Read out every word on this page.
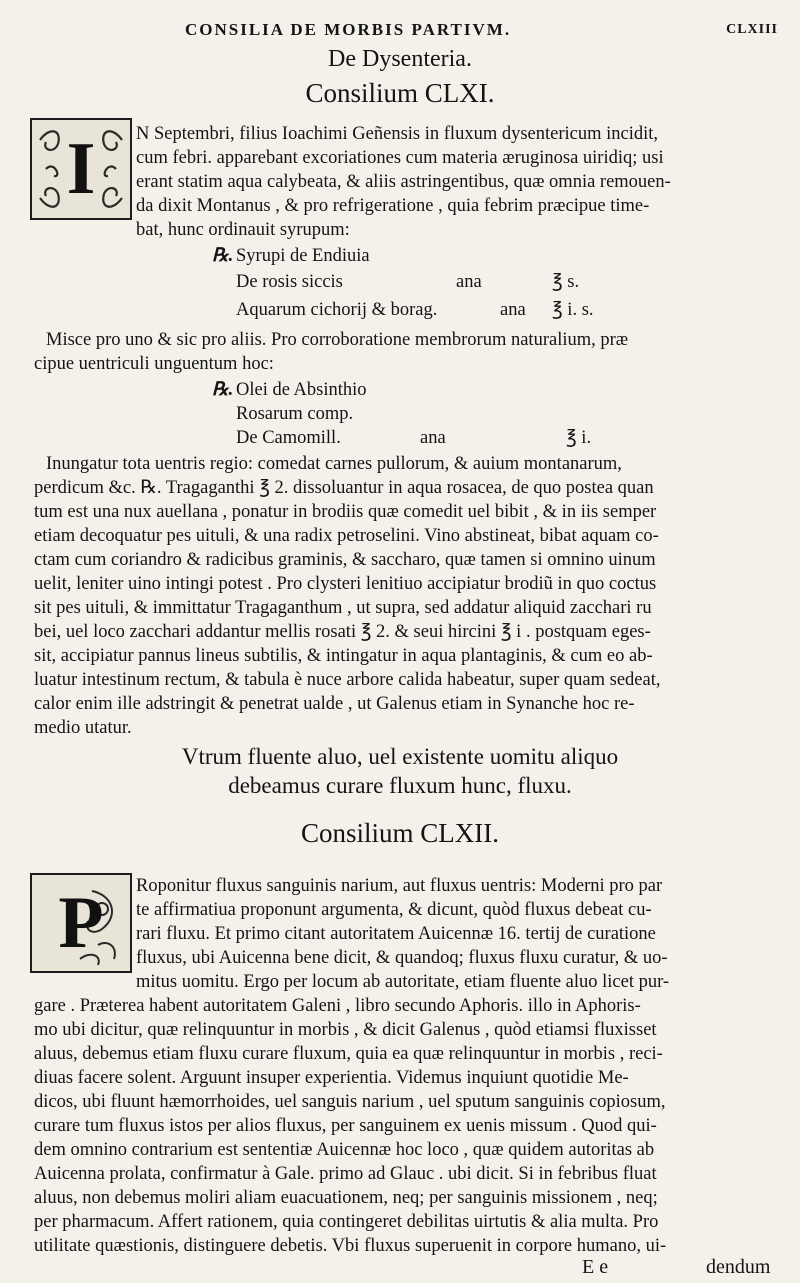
CONSILIA DE MORBIS PARTIVM.	CLXIII
De Dysenteria.
Consilium CLXI.
I N Septembri, filius Ioachimi Geñensis in fluxum dysentericum incidit,
cum febri. apparebant excoriationes cum materia æruginosa uiridiq; usi
erant statim aqua calybeata, & aliis astringentibus, quæ omnia remouen-
da dixit Montanus , & pro refrigeratione , quia febrim præcipue time-
bat, hunc ordinauit syrupum:
℞. Syrupi de Endiuia
De rosis siccis	ana	℥ s.
Aquarum cichorij & borag.	ana ℥ i. s.
Misce pro uno & sic pro aliis. Pro corroboratione membrorum naturalium, præ
cipue uentriculi unguentum hoc:
℞. Olei de Absinthio
Rosarum comp.
De Camomill.	ana	℥ i.
Inungatur tota uentris regio: comedat carnes pullorum, & auium montanarum,
perdicum &c. ℞. Tragaganthi ℥ 2. dissoluantur in aqua rosacea, de quo postea quan
tum est una nux auellana , ponatur in brodiis quæ comedit uel bibit , & in iis semper
etiam decoquatur pes uituli, & una radix petroselini. Vino abstineat, bibat aquam co-
ctam cum coriandro & radicibus graminis, & saccharo, quæ tamen si omnino uinum
uelit, leniter uino intingi potest . Pro clysteri lenitiuo accipiatur brodiũ in quo coctus
sit pes uituli, & immittatur Tragaganthum , ut supra, sed addatur aliquid zacchari ru
bei, uel loco zacchari addantur mellis rosati ℥ 2. & seui hircini ℥ i . postquam eges-
sit, accipiatur pannus lineus subtilis, & intingatur in aqua plantaginis, & cum eo ab-
luatur intestinum rectum, & tabula è nuce arbore calida habeatur, super quam sedeat,
calor enim ille adstringit & penetrat ualde , ut Galenus etiam in Synanche hoc re-
medio utatur.
Vtrum fluente aluo, uel existente uomitu aliquo
debeamus curare fluxum hunc, fluxu.
Consilium CLXII.
P Roponitur fluxus sanguinis narium, aut fluxus uentris: Moderni pro par
te affirmatiua proponunt argumenta, & dicunt, quòd fluxus debeat cu-
rari fluxu. Et primo citant autoritatem Auicennæ 16. tertij de curatione
fluxus, ubi Auicenna bene dicit, & quandoq; fluxus fluxu curatur, & uo-
mitus uomitu. Ergo per locum ab autoritate, etiam fluente aluo licet pur-
gare . Præterea habent autoritatem Galeni , libro secundo Aphoris. illo in Aphoris-
mo ubi dicitur, quæ relinquuntur in morbis , & dicit Galenus , quòd etiamsi fluxisset
aluus, debemus etiam fluxu curare fluxum, quia ea quæ relinquuntur in morbis , reci-
diuas facere solent. Arguunt insuper experientia. Videmus inquiunt quotidie Me-
dicos, ubi fluunt hæmorrhoides, uel sanguis narium , uel sputum sanguinis copiosum,
curare tum fluxus istos per alios fluxus, per sanguinem ex uenis missum . Quod qui-
dem omnino contrarium est sententiæ Auicennæ hoc loco , quæ quidem autoritas ab
Auicenna prolata, confirmatur à Gale. primo ad Glauc . ubi dicit. Si in febribus fluat
aluus, non debemus moliri aliam euacuationem, neq; per sanguinis missionem , neq;
per pharmacum. Affert rationem, quia contingeret debilitas uirtutis & alia multa. Pro
utilitate quæstionis, distinguere debetis. Vbi fluxus superuenit in corpore humano, ui-
E e	dendum
